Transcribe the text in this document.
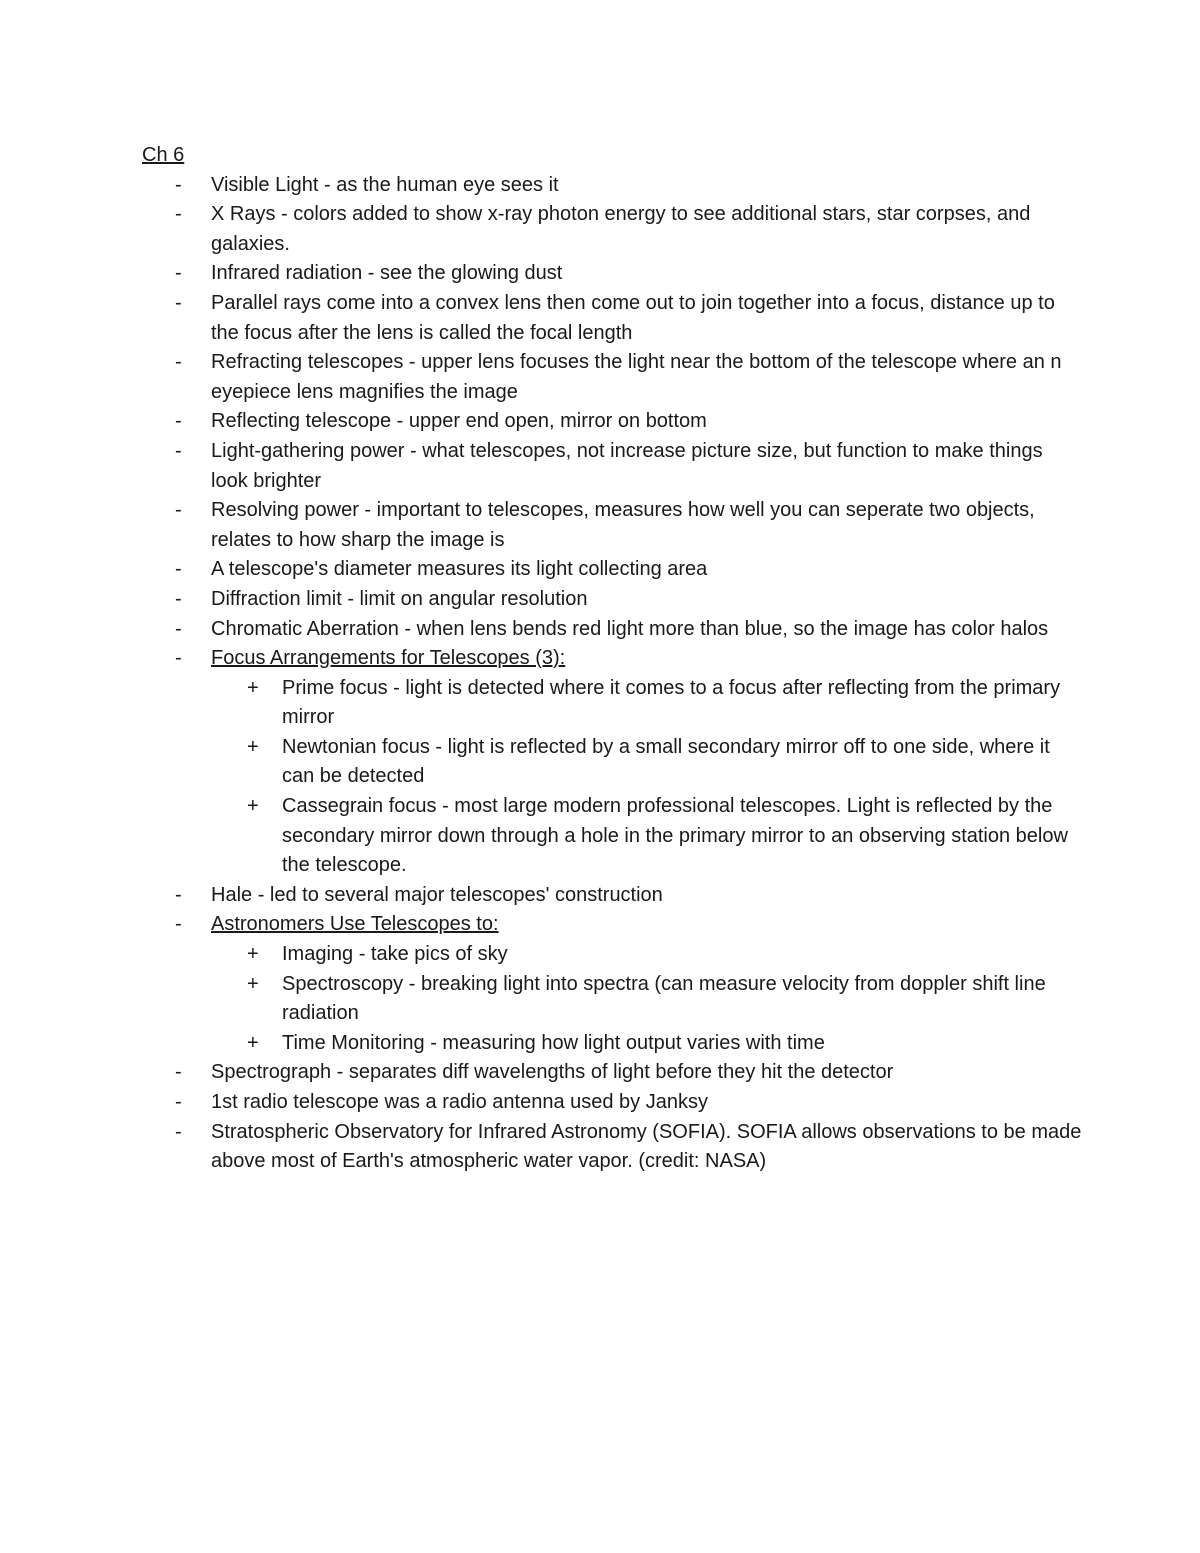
Ch 6

- Visible Light - as the human eye sees it
- X Rays - colors added to show x-ray photon energy to see additional stars, star corpses, and galaxies.
- Infrared radiation - see the glowing dust
- Parallel rays come into a convex lens then come out to join together into a focus, distance up to the focus after the lens is called the focal length
- Refracting telescopes - upper lens focuses the light near the bottom of the telescope where an n eyepiece lens magnifies the image
- Reflecting telescope - upper end open, mirror on bottom
- Light-gathering power - what telescopes, not increase picture size, but function to make things look brighter
- Resolving power - important to telescopes, measures how well you can seperate two objects, relates to how sharp the image is
- A telescope's diameter measures its light collecting area
- Diffraction limit - limit on angular resolution
- Chromatic Aberration - when lens bends red light more than blue, so the image has color halos
- Focus Arrangements for Telescopes (3):
+ Prime focus - light is detected where it comes to a focus after reflecting from the primary mirror
+ Newtonian focus - light is reflected by a small secondary mirror off to one side, where it can be detected
+ Cassegrain focus - most large modern professional telescopes. Light is reflected by the secondary mirror down through a hole in the primary mirror to an observing station below the telescope.
- Hale - led to several major telescopes' construction
- Astronomers Use Telescopes to:
+ Imaging - take pics of sky
+ Spectroscopy - breaking light into spectra (can measure velocity from doppler shift line radiation
+ Time Monitoring - measuring how light output varies with time
- Spectrograph - separates diff wavelengths of light before they hit the detector
- 1st radio telescope was a radio antenna used by Janksy
- Stratospheric Observatory for Infrared Astronomy (SOFIA). SOFIA allows observations to be made above most of Earth's atmospheric water vapor. (credit: NASA)
